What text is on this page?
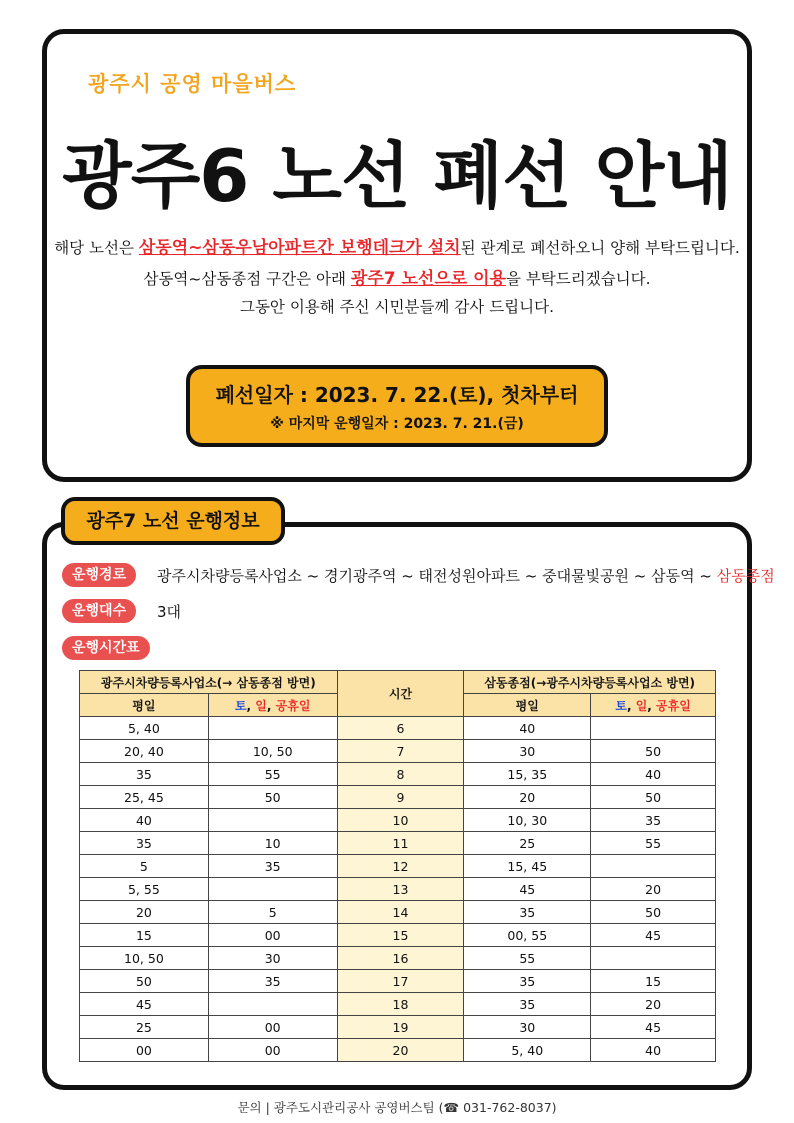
광주시 공영 마을버스
광주6 노선 폐선 안내
해당 노선은 삼동역~삼동우남아파트간 보행데크가 설치된 관계로 폐선하오니 양해 부탁드립니다.
삼동역~삼동종점 구간은 아래 광주7 노선으로 이용을 부탁드리겠습니다.
그동안 이용해 주신 시민분들께 감사 드립니다.
폐선일자 : 2023. 7. 22.(토), 첫차부터
※ 마지막 운행일자 : 2023. 7. 21.(금)
광주7 노선 운행정보
운행경로	광주시차량등록사업소 ~ 경기광주역 ~ 태전성원아파트 ~ 중대물빛공원 ~ 삼동역 ~ 삼동종점
운행대수	3대
운행시간표
광주시차량등록사업소(→ 삼동종점 방면)		시간	삼동종점(→광주시차량등록사업소 방면)	
평일	토, 일, 공휴일		평일	토, 일, 공휴일
5, 40		6	40	
20, 40	10, 50	7	30	50
35	55	8	15, 35	40
25, 45	50	9	20	50
40		10	10, 30	35
35	10	11	25	55
5	35	12	15, 45	
5, 55		13	45	20
20	5	14	35	50
15	00	15	00, 55	45
10, 50	30	16	55	
50	35	17	35	15
45		18	35	20
25	00	19	30	45
00	00	20	5, 40	40
문의 | 광주도시관리공사 공영버스팀 (☎ 031-762-8037)
